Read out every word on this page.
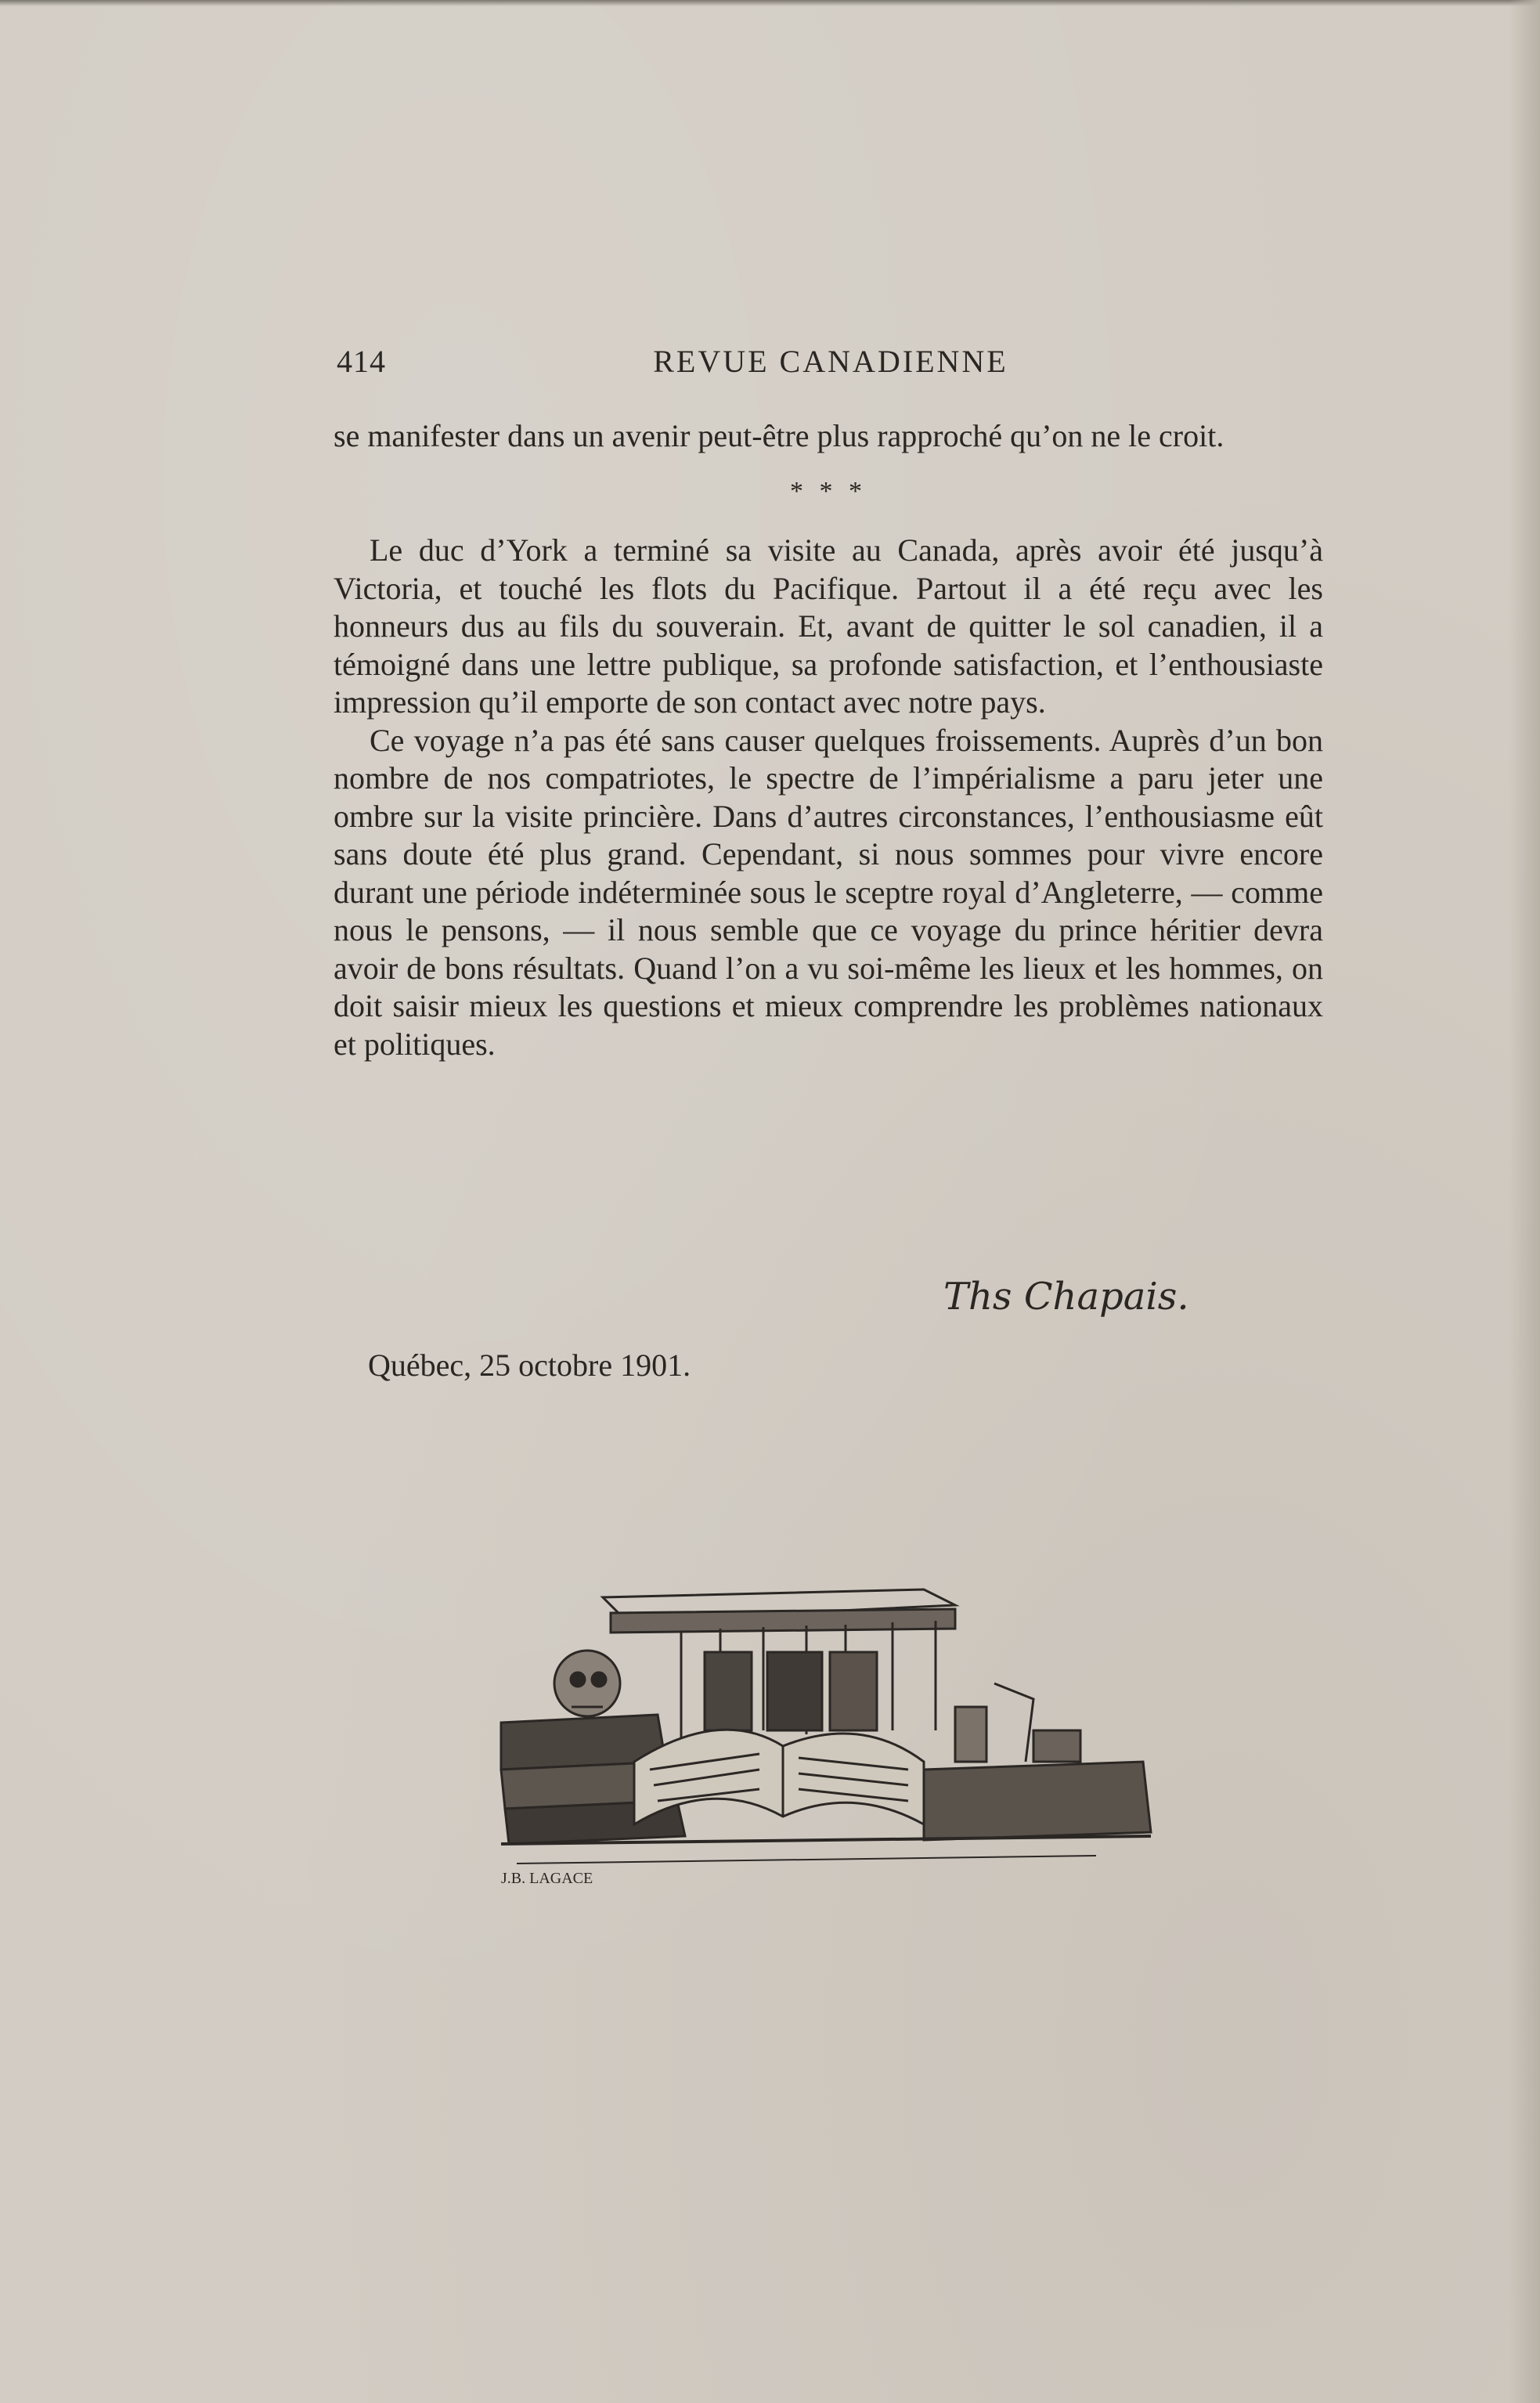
414	REVUE CANADIENNE

se manifester dans un avenir peut-être plus rapproché qu’on ne le croit.

* * *

Le duc d’York a terminé sa visite au Canada, après avoir été jusqu’à Victoria, et touché les flots du Pacifique. Partout il a été reçu avec les honneurs dus au fils du souverain. Et, avant de quitter le sol canadien, il a témoigné dans une lettre publique, sa profonde satisfaction, et l’enthousiaste impression qu’il emporte de son contact avec notre pays.

Ce voyage n’a pas été sans causer quelques froissements. Auprès d’un bon nombre de nos compatriotes, le spectre de l’impérialisme a paru jeter une ombre sur la visite princière. Dans d’autres circonstances, l’enthousiasme eût sans doute été plus grand. Cependant, si nous sommes pour vivre encore durant une période indéterminée sous le sceptre royal d’Angleterre, — comme nous le pensons, — il nous semble que ce voyage du prince héritier devra avoir de bons résultats. Quand l’on a vu soi-même les lieux et les hommes, on doit saisir mieux les questions et mieux comprendre les problèmes nationaux et politiques.

Ths Chapais.
Québec, 25 octobre 1901.
J.B. LAGACE
